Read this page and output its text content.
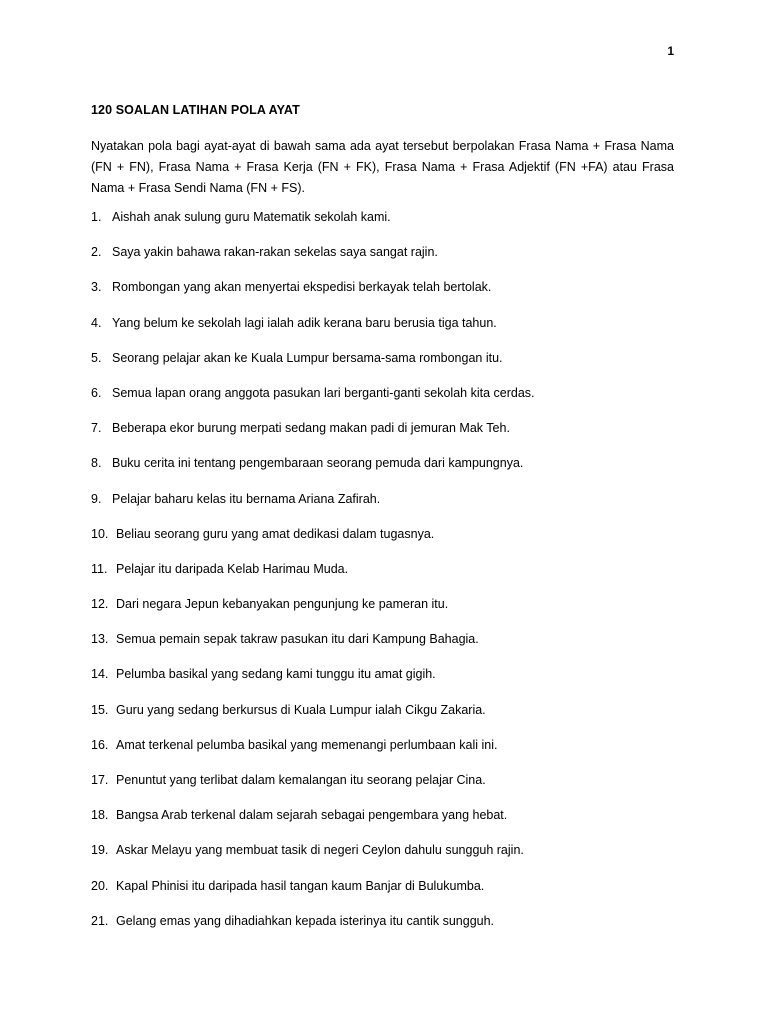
1
120 SOALAN LATIHAN POLA AYAT
Nyatakan pola bagi ayat-ayat di bawah sama ada ayat tersebut berpolakan Frasa Nama + Frasa Nama (FN + FN), Frasa Nama + Frasa Kerja (FN + FK), Frasa Nama + Frasa Adjektif (FN +FA) atau Frasa Nama + Frasa Sendi Nama (FN + FS).
1. Aishah anak sulung guru Matematik sekolah kami.
2. Saya yakin bahawa rakan-rakan sekelas saya sangat rajin.
3. Rombongan yang akan menyertai ekspedisi berkayak telah bertolak.
4. Yang belum ke sekolah lagi ialah adik kerana baru berusia tiga tahun.
5. Seorang pelajar akan ke Kuala Lumpur bersama-sama rombongan itu.
6. Semua lapan orang anggota pasukan lari berganti-ganti sekolah kita cerdas.
7. Beberapa ekor burung merpati sedang makan padi di jemuran Mak Teh.
8. Buku cerita ini tentang pengembaraan seorang pemuda dari kampungnya.
9. Pelajar baharu kelas itu bernama Ariana Zafirah.
10. Beliau seorang guru yang amat dedikasi dalam tugasnya.
11. Pelajar itu daripada Kelab Harimau Muda.
12. Dari negara Jepun kebanyakan pengunjung ke pameran itu.
13. Semua pemain sepak takraw pasukan itu dari Kampung Bahagia.
14. Pelumba basikal yang sedang kami tunggu itu amat gigih.
15. Guru yang sedang berkursus di Kuala Lumpur ialah Cikgu Zakaria.
16. Amat terkenal pelumba basikal yang memenangi perlumbaan kali ini.
17. Penuntut yang terlibat dalam kemalangan itu seorang pelajar Cina.
18. Bangsa Arab terkenal dalam sejarah sebagai pengembara yang hebat.
19. Askar Melayu yang membuat tasik di negeri Ceylon dahulu sungguh rajin.
20. Kapal Phinisi itu daripada hasil tangan kaum Banjar di Bulukumba.
21. Gelang emas yang dihadiahkan kepada isterinya itu cantik sungguh.
